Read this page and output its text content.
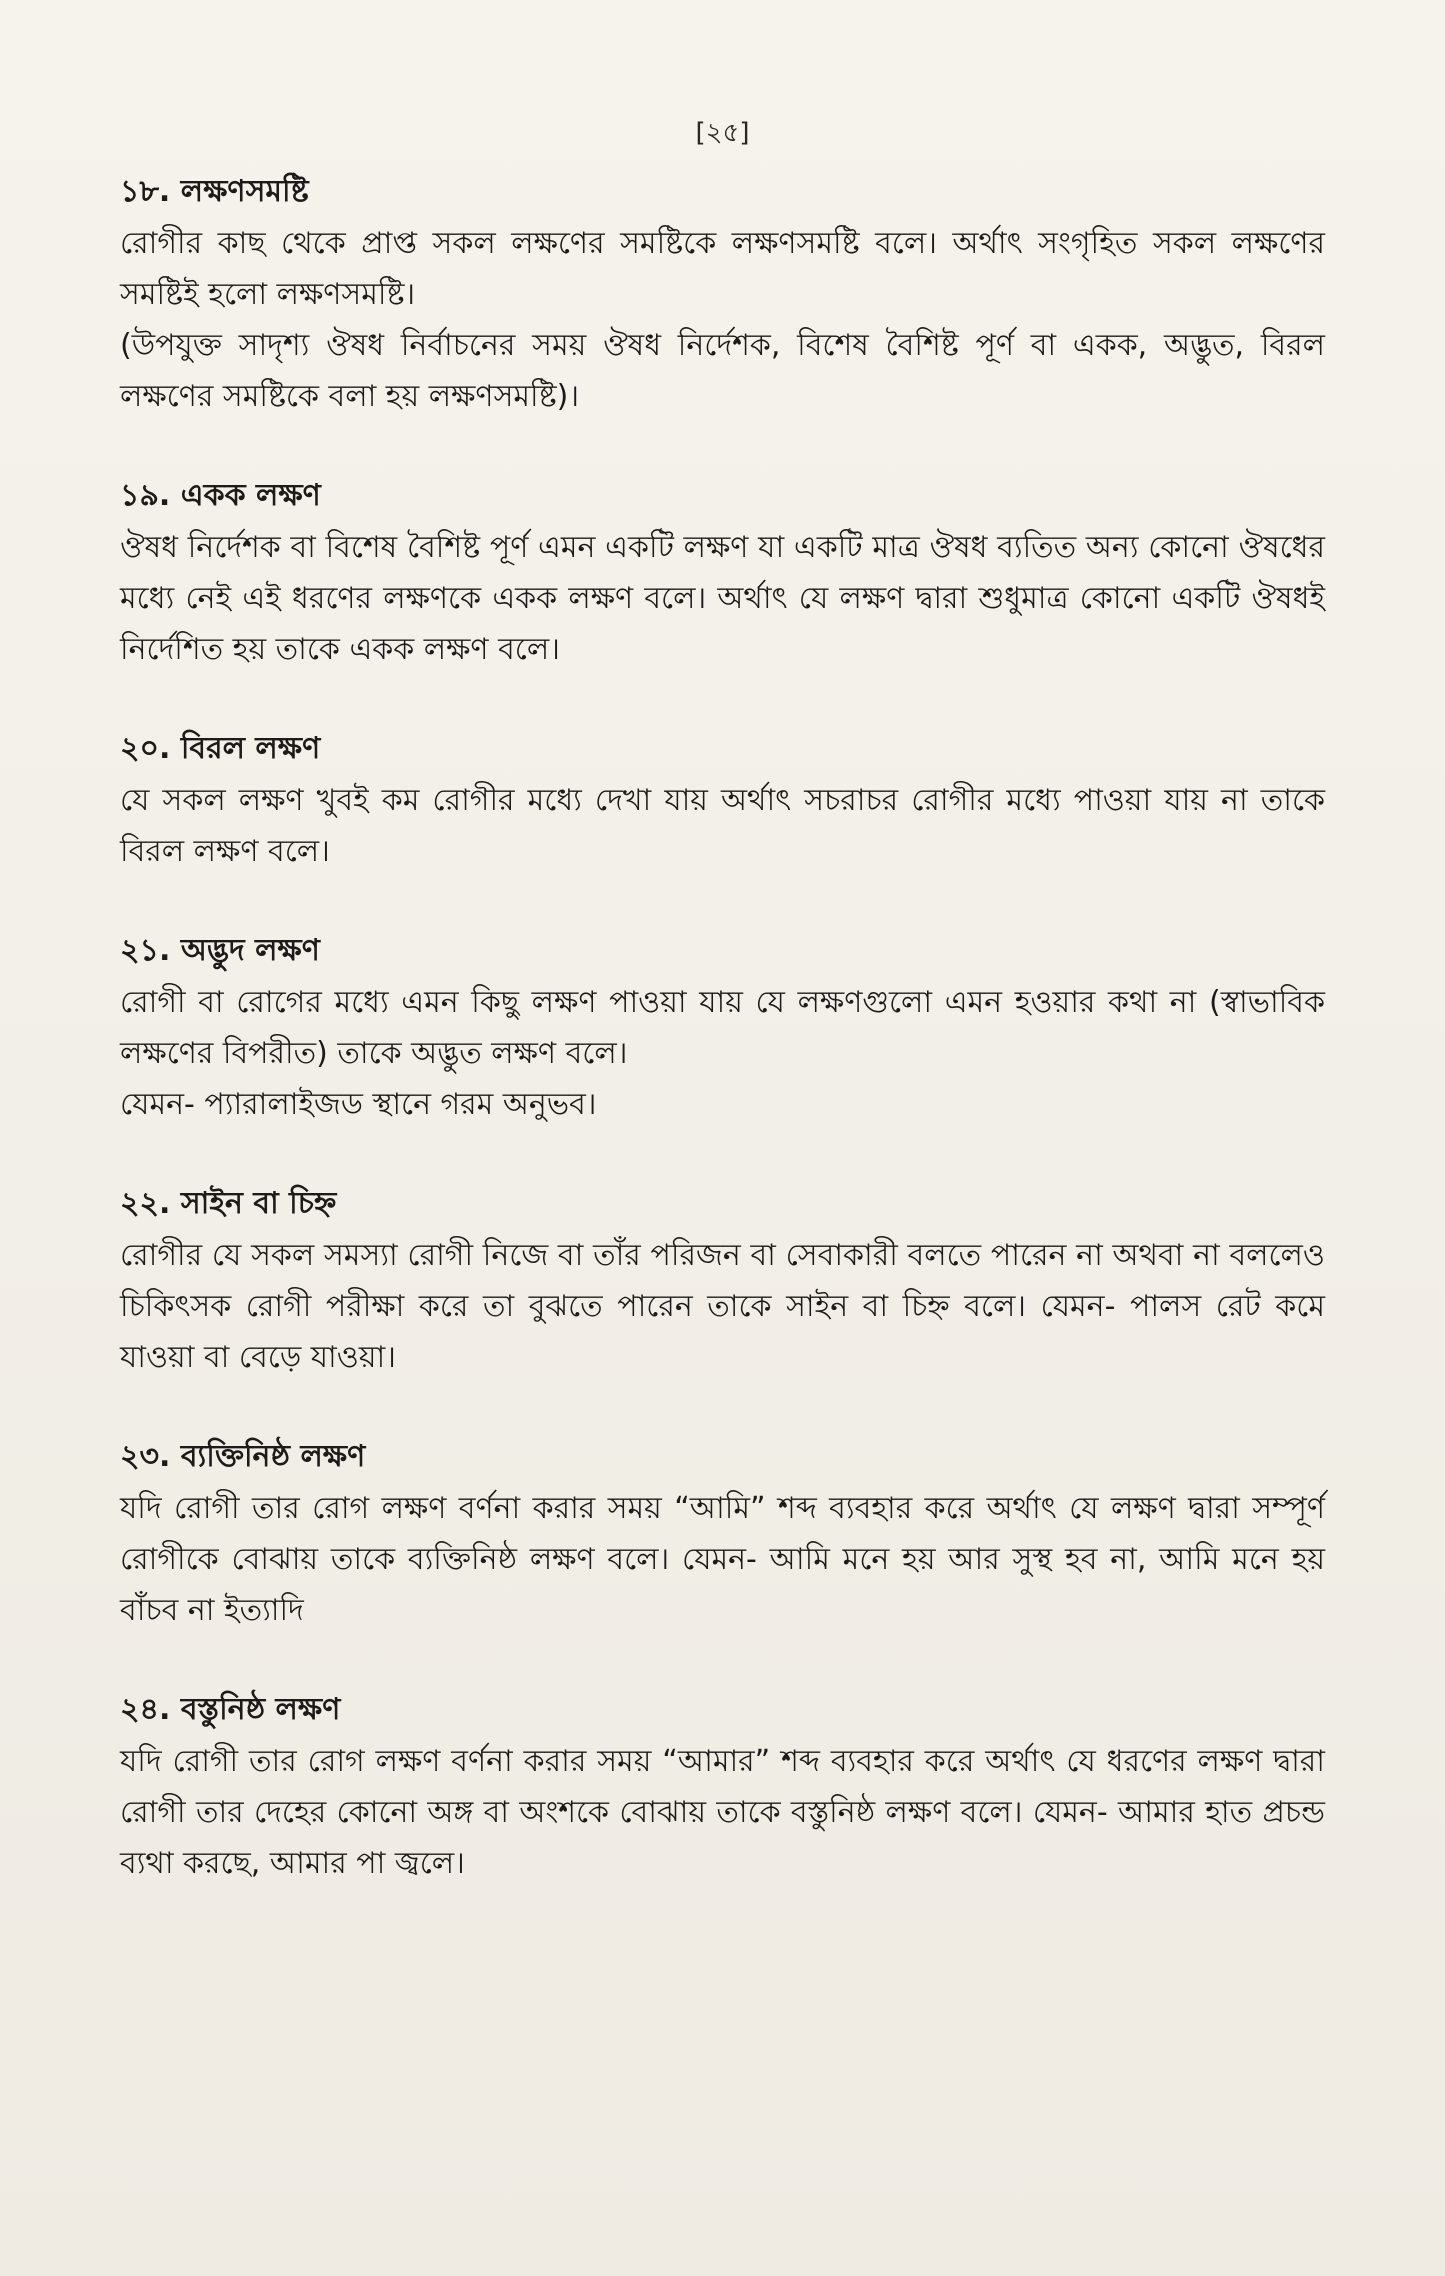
[২৫]
১৮. লক্ষণসমষ্টি

রোগীর কাছ থেকে প্রাপ্ত সকল লক্ষণের সমষ্টিকে লক্ষণসমষ্টি বলে। অর্থাৎ সংগৃহিত সকল লক্ষণের সমষ্টিই হলো লক্ষণসমষ্টি।

(উপযুক্ত সাদৃশ্য ঔষধ নির্বাচনের সময় ঔষধ নির্দেশক, বিশেষ বৈশিষ্ট পূর্ণ বা একক, অদ্ভুত, বিরল লক্ষণের সমষ্টিকে বলা হয় লক্ষণসমষ্টি)।

১৯. একক লক্ষণ

ঔষধ নির্দেশক বা বিশেষ বৈশিষ্ট পূর্ণ এমন একটি লক্ষণ যা একটি মাত্র ঔষধ ব্যতিত অন্য কোনো ঔষধের মধ্যে নেই এই ধরণের লক্ষণকে একক লক্ষণ বলে। অর্থাৎ যে লক্ষণ দ্বারা শুধুমাত্র কোনো একটি ঔষধই নির্দেশিত হয় তাকে একক লক্ষণ বলে।

২০. বিরল লক্ষণ

যে সকল লক্ষণ খুবই কম রোগীর মধ্যে দেখা যায় অর্থাৎ সচরাচর রোগীর মধ্যে পাওয়া যায় না তাকে বিরল লক্ষণ বলে।

২১. অদ্ভুদ লক্ষণ

রোগী বা রোগের মধ্যে এমন কিছু লক্ষণ পাওয়া যায় যে লক্ষণগুলো এমন হওয়ার কথা না (স্বাভাবিক লক্ষণের বিপরীত) তাকে অদ্ভুত লক্ষণ বলে।

যেমন- প্যারালাইজড স্থানে গরম অনুভব।

২২. সাইন বা চিহ্ন

রোগীর যে সকল সমস্যা রোগী নিজে বা তাঁর পরিজন বা সেবাকারী বলতে পারেন না অথবা না বললেও চিকিৎসক রোগী পরীক্ষা করে তা বুঝতে পারেন তাকে সাইন বা চিহ্ন বলে। যেমন- পালস রেট কমে যাওয়া বা বেড়ে যাওয়া।

২৩. ব্যক্তিনিষ্ঠ লক্ষণ

যদি রোগী তার রোগ লক্ষণ বর্ণনা করার সময় “আমি” শব্দ ব্যবহার করে অর্থাৎ যে লক্ষণ দ্বারা সম্পূর্ণ রোগীকে বোঝায় তাকে ব্যক্তিনিষ্ঠ লক্ষণ বলে। যেমন- আমি মনে হয় আর সুস্থ হব না, আমি মনে হয় বাঁচব না ইত্যাদি

২৪. বস্তুনিষ্ঠ লক্ষণ

যদি রোগী তার রোগ লক্ষণ বর্ণনা করার সময় “আমার” শব্দ ব্যবহার করে অর্থাৎ যে ধরণের লক্ষণ দ্বারা রোগী তার দেহের কোনো অঙ্গ বা অংশকে বোঝায় তাকে বস্তুনিষ্ঠ লক্ষণ বলে। যেমন- আমার হাত প্রচন্ড ব্যথা করছে, আমার পা জ্বলে।
